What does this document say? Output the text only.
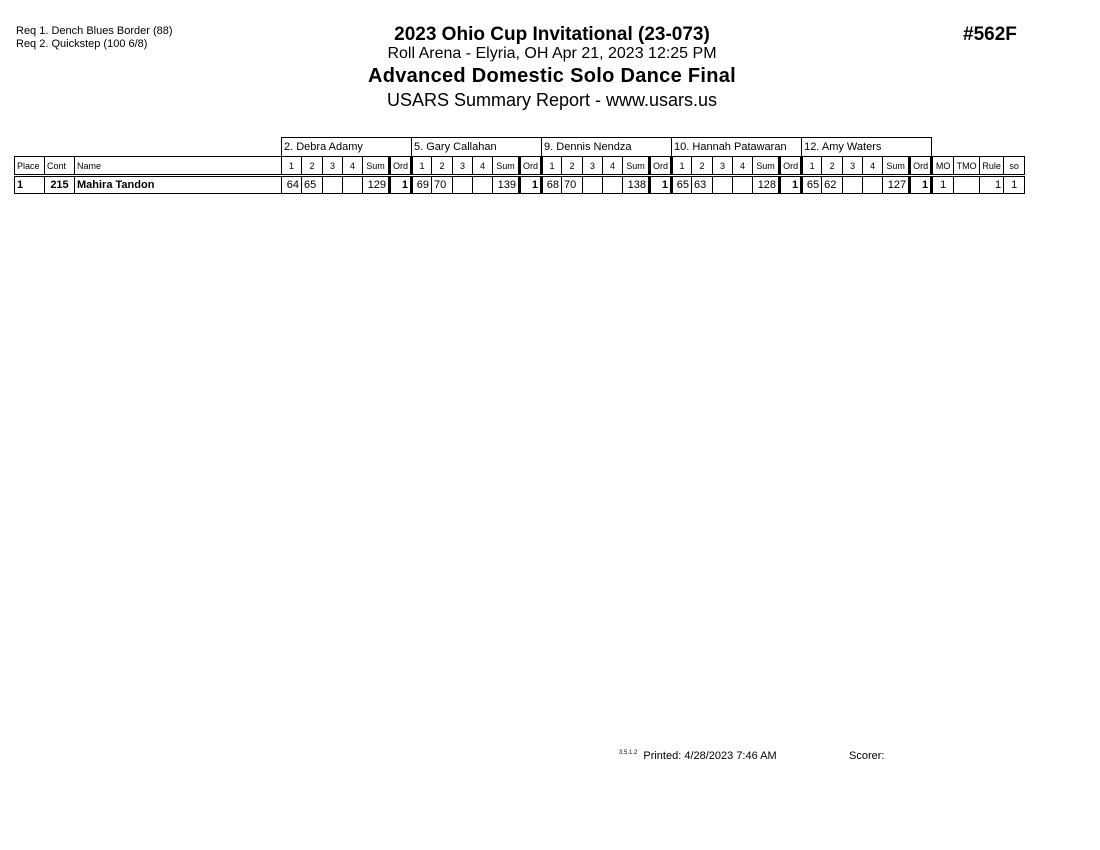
Req 1. Dench Blues Border (88)
Req 2. Quickstep (100 6/8)	2023 Ohio Cup Invitational (23-073)
Roll Arena - Elyria, OH Apr 21, 2023 12:25 PM
Advanced Domestic Solo Dance Final
USARS Summary Report - www.usars.us
#562F
			2. Debra Adamy						5. Gary Callahan						9. Dennis Nendza						10. Hannah Patawaran						12. Amy Waters									
Place	Cont	Name	1	2	3	4	Sum	Ord	1	2	3	4	Sum	Ord	1	2	3	4	Sum	Ord	1	2	3	4	Sum	Ord	1	2	3	4	Sum	Ord	MO	TMO	Rule	so
1	215	Mahira Tandon	64	65			129	1	69	70			139	1	68	70			138	1	65	63			128	1	65	62			127	1	1		1	1
$^{3.5.1.2}$ Printed: 4/28/2023 7:46 AM	Scorer:
